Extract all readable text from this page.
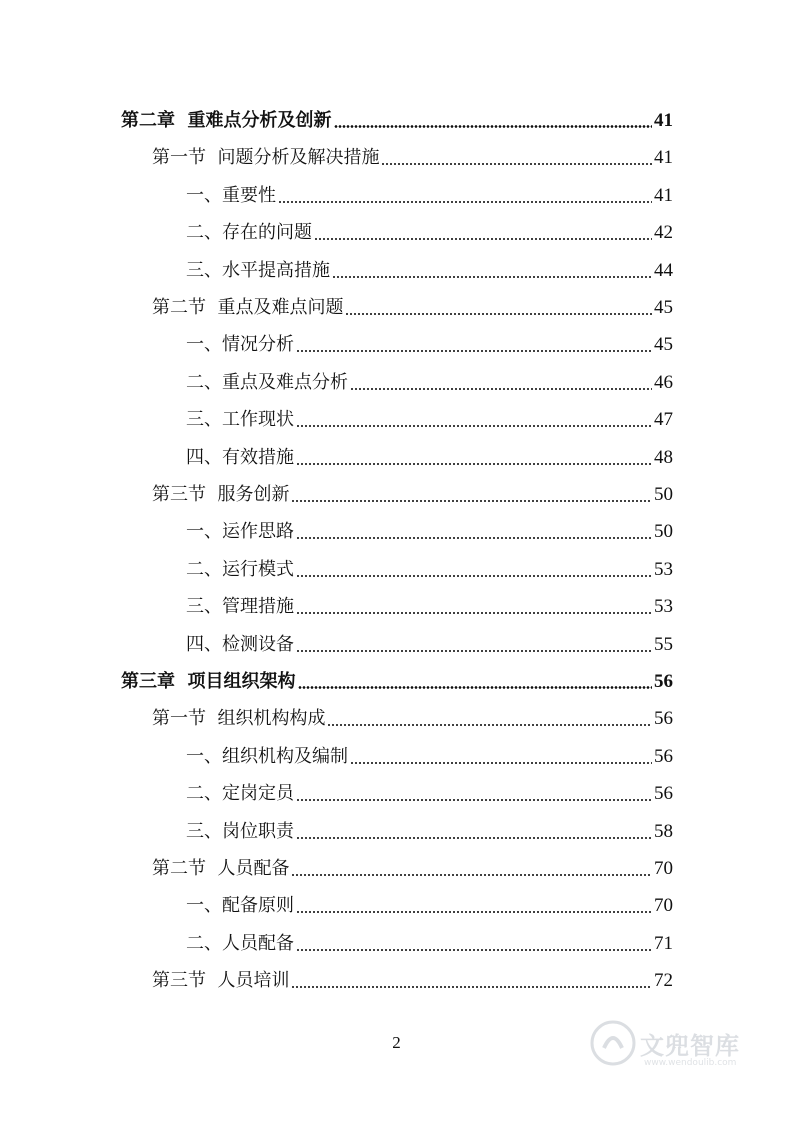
第二章  重难点分析及创新	41
第一节  问题分析及解决措施	41
一、重要性	41
二、存在的问题	42
三、水平提高措施	44
第二节  重点及难点问题	45
一、情况分析	45
二、重点及难点分析	46
三、工作现状	47
四、有效措施	48
第三节  服务创新	50
一、运作思路	50
二、运行模式	53
三、管理措施	53
四、检测设备	55
第三章  项目组织架构	56
第一节  组织机构构成	56
一、组织机构及编制	56
二、定岗定员	56
三、岗位职责	58
第二节  人员配备	70
一、配备原则	70
二、人员配备	71
第三节  人员培训	72
2	文兜智库
www.wendoulib.com
